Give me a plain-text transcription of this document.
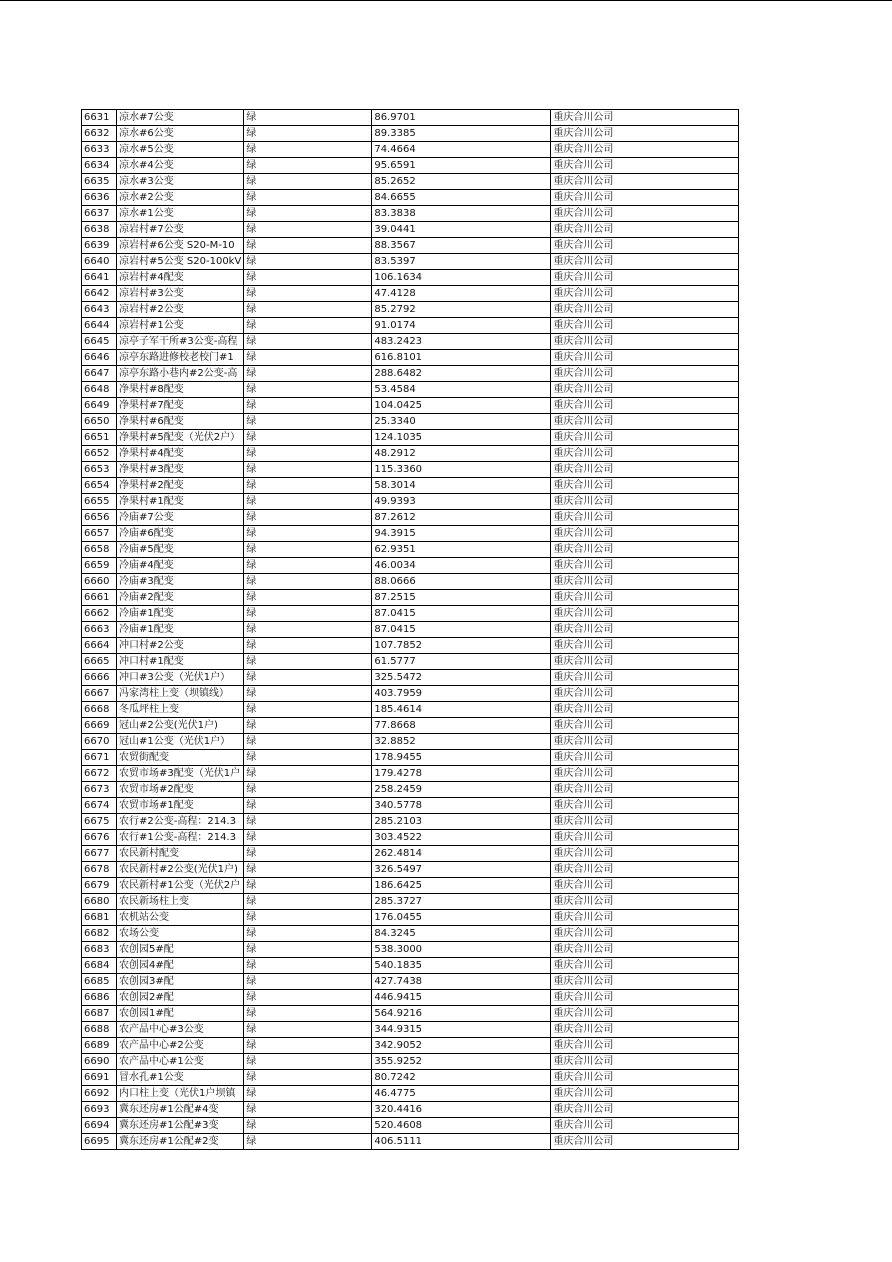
6631	凉水#7公变	绿	86.9701	重庆合川公司
6632	凉水#6公变	绿	89.3385	重庆合川公司
6633	凉水#5公变	绿	74.4664	重庆合川公司
6634	凉水#4公变	绿	95.6591	重庆合川公司
6635	凉水#3公变	绿	85.2652	重庆合川公司
6636	凉水#2公变	绿	84.6655	重庆合川公司
6637	凉水#1公变	绿	83.3838	重庆合川公司
6638	凉岩村#7公变	绿	39.0441	重庆合川公司
6639	凉岩村#6公变 S20-M-10	绿	88.3567	重庆合川公司
6640	凉岩村#5公变 S20-100kV	绿	83.5397	重庆合川公司
6641	凉岩村#4配变	绿	106.1634	重庆合川公司
6642	凉岩村#3公变	绿	47.4128	重庆合川公司
6643	凉岩村#2公变	绿	85.2792	重庆合川公司
6644	凉岩村#1公变	绿	91.0174	重庆合川公司
6645	凉亭子军干所#3公变-高程	绿	483.2423	重庆合川公司
6646	凉亭东路进修校老校门#1	绿	616.8101	重庆合川公司
6647	凉亭东路小巷内#2公变-高	绿	288.6482	重庆合川公司
6648	净果村#8配变	绿	53.4584	重庆合川公司
6649	净果村#7配变	绿	104.0425	重庆合川公司
6650	净果村#6配变	绿	25.3340	重庆合川公司
6651	净果村#5配变（光伏2户）	绿	124.1035	重庆合川公司
6652	净果村#4配变	绿	48.2912	重庆合川公司
6653	净果村#3配变	绿	115.3360	重庆合川公司
6654	净果村#2配变	绿	58.3014	重庆合川公司
6655	净果村#1配变	绿	49.9393	重庆合川公司
6656	冷庙#7公变	绿	87.2612	重庆合川公司
6657	冷庙#6配变	绿	94.3915	重庆合川公司
6658	冷庙#5配变	绿	62.9351	重庆合川公司
6659	冷庙#4配变	绿	46.0034	重庆合川公司
6660	冷庙#3配变	绿	88.0666	重庆合川公司
6661	冷庙#2配变	绿	87.2515	重庆合川公司
6662	冷庙#1配变	绿	87.0415	重庆合川公司
6663	冷庙#1配变	绿	87.0415	重庆合川公司
6664	冲口村#2公变	绿	107.7852	重庆合川公司
6665	冲口村#1配变	绿	61.5777	重庆合川公司
6666	冲口#3公变（光伏1户）	绿	325.5472	重庆合川公司
6667	冯家湾柱上变（坝镇线）	绿	403.7959	重庆合川公司
6668	冬瓜坪柱上变	绿	185.4614	重庆合川公司
6669	冠山#2公变(光伏1户)	绿	77.8668	重庆合川公司
6670	冠山#1公变（光伏1户）	绿	32.8852	重庆合川公司
6671	农贸街配变	绿	178.9455	重庆合川公司
6672	农贸市场#3配变（光伏1户	绿	179.4278	重庆合川公司
6673	农贸市场#2配变	绿	258.2459	重庆合川公司
6674	农贸市场#1配变	绿	340.5778	重庆合川公司
6675	农行#2公变-高程：214.3	绿	285.2103	重庆合川公司
6676	农行#1公变-高程：214.3	绿	303.4522	重庆合川公司
6677	农民新村配变	绿	262.4814	重庆合川公司
6678	农民新村#2公变(光伏1户)	绿	326.5497	重庆合川公司
6679	农民新村#1公变（光伏2户	绿	186.6425	重庆合川公司
6680	农民新场柱上变	绿	285.3727	重庆合川公司
6681	农机站公变	绿	176.0455	重庆合川公司
6682	农场公变	绿	84.3245	重庆合川公司
6683	农创园5#配	绿	538.3000	重庆合川公司
6684	农创园4#配	绿	540.1835	重庆合川公司
6685	农创园3#配	绿	427.7438	重庆合川公司
6686	农创园2#配	绿	446.9415	重庆合川公司
6687	农创园1#配	绿	564.9216	重庆合川公司
6688	农产品中心#3公变	绿	344.9315	重庆合川公司
6689	农产品中心#2公变	绿	342.9052	重庆合川公司
6690	农产品中心#1公变	绿	355.9252	重庆合川公司
6691	冒水孔#1公变	绿	80.7242	重庆合川公司
6692	内口柱上变（光伏1户坝镇	绿	46.4775	重庆合川公司
6693	冀东还房#1公配#4变	绿	320.4416	重庆合川公司
6694	冀东还房#1公配#3变	绿	520.4608	重庆合川公司
6695	冀东还房#1公配#2变	绿	406.5111	重庆合川公司
